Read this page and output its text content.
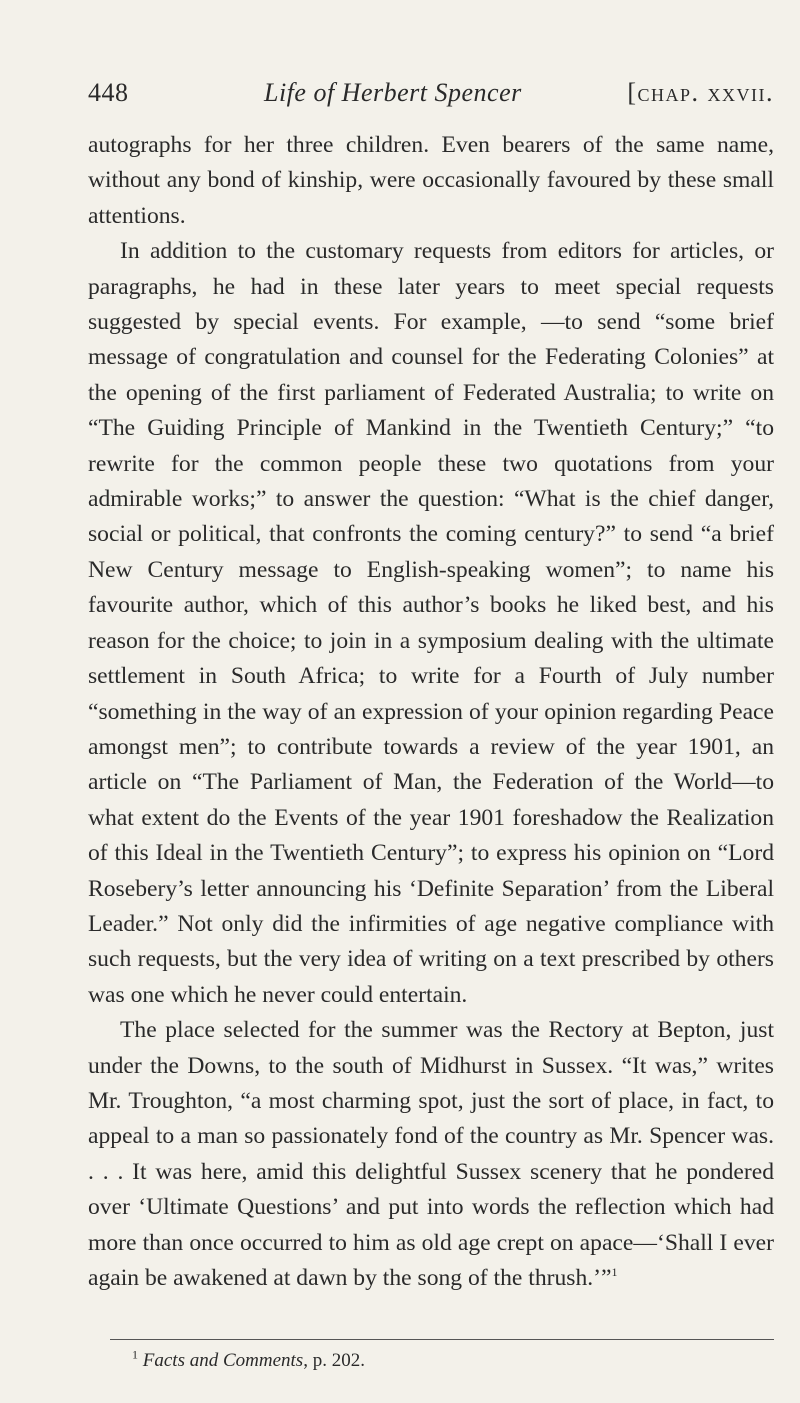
448	Life of Herbert Spencer	[chap. xxvii.

autographs for her three children. Even bearers of the same name, without any bond of kinship, were occasionally favoured by these small attentions.

In addition to the customary requests from editors for articles, or paragraphs, he had in these later years to meet special requests suggested by special events. For example, —to send “some brief message of congratulation and counsel for the Federating Colonies” at the opening of the first parliament of Federated Australia; to write on “The Guiding Principle of Mankind in the Twentieth Century;” “to rewrite for the common people these two quotations from your admirable works;” to answer the question: “What is the chief danger, social or political, that confronts the coming century?” to send “a brief New Century message to English-speaking women”; to name his favourite author, which of this author’s books he liked best, and his reason for the choice; to join in a symposium dealing with the ultimate settlement in South Africa; to write for a Fourth of July number “something in the way of an expression of your opinion regarding Peace amongst men”; to contribute towards a review of the year 1901, an article on “The Parliament of Man, the Federation of the World—to what extent do the Events of the year 1901 foreshadow the Realization of this Ideal in the Twentieth Century”; to express his opinion on “Lord Rosebery’s letter announcing his ‘Definite Separation’ from the Liberal Leader.” Not only did the infirmities of age negative compliance with such requests, but the very idea of writing on a text prescribed by others was one which he never could entertain.

The place selected for the summer was the Rectory at Bepton, just under the Downs, to the south of Midhurst in Sussex. “It was,” writes Mr. Troughton, “a most charming spot, just the sort of place, in fact, to appeal to a man so passionately fond of the country as Mr. Spencer was. . . . It was here, amid this delightful Sussex scenery that he pondered over ‘Ultimate Questions’ and put into words the reflection which had more than once occurred to him as old age crept on apace—‘Shall I ever again be awakened at dawn by the song of the thrush.’”$^1$

$^1$ Facts and Comments, p. 202.
